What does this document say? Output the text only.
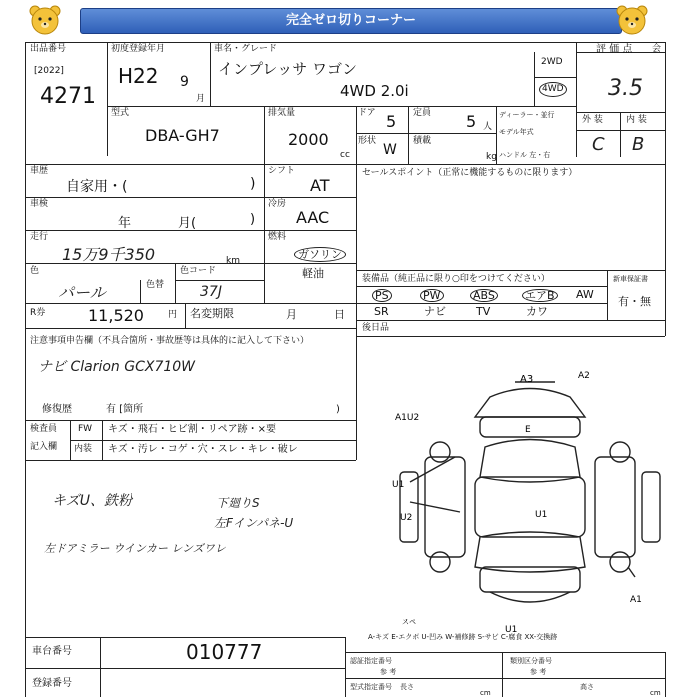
完全ゼロ切りコーナー
出品番号
[2022]
4271
初度登録年月
H22 9
月
車名・グレード
インプレッサ ワゴン
4WD 2.0i
2WD
4WD
評 価 点
3.5
会
型式
DBA-GH7
排気量
2000
cc
ドア 5 定員 5 人
形状
W
積載
kg
ディーラー・並行
モデル年式
ハンドル 左・右
外 装	内 装
C B
車歴
自家用・(	)
シフト
AT
セールスポイント（正常に機能するものに限ります）
車検
年	月(	)
冷房
AAC
走行
15万9千350	km
燃料
ガソリン
軽油
色
パール	色替
色コード
37J
R券	11,520	円 名変期限	月	日
装備品（純正品に限り○印をつけてください）	新車保証書
有・無
PS	PW	ABS	エアB AW
SR	ナビ	TV	カワ
後日品
注意事項申告欄（不具合箇所・事故歴等は具体的に記入して下さい）
ナビ Clarion GCX710W
修復歴	有 [箇所	)
検査員
記入欄
FW
内装
キズ・飛石・ヒビ割・リペア跡・×要
キズ・汚レ・コゲ・穴・スレ・キレ・破レ
キズU、鉄粉	下廻りS
左Fインパネ-U
左ドアミラー ウインカー レンズワレ
A3	A2
A1U2
U1
U2
E
A1
U1
スペ
U1
A-キズ E-エクボ U-凹み W-補修跡 S-サビ C-腐食 XX-交換跡
車台番号	010777
登録番号
認証指定番号
参 考
類別区分番号
参 考
型式指定番号 長さ
cm
高さ
cm
